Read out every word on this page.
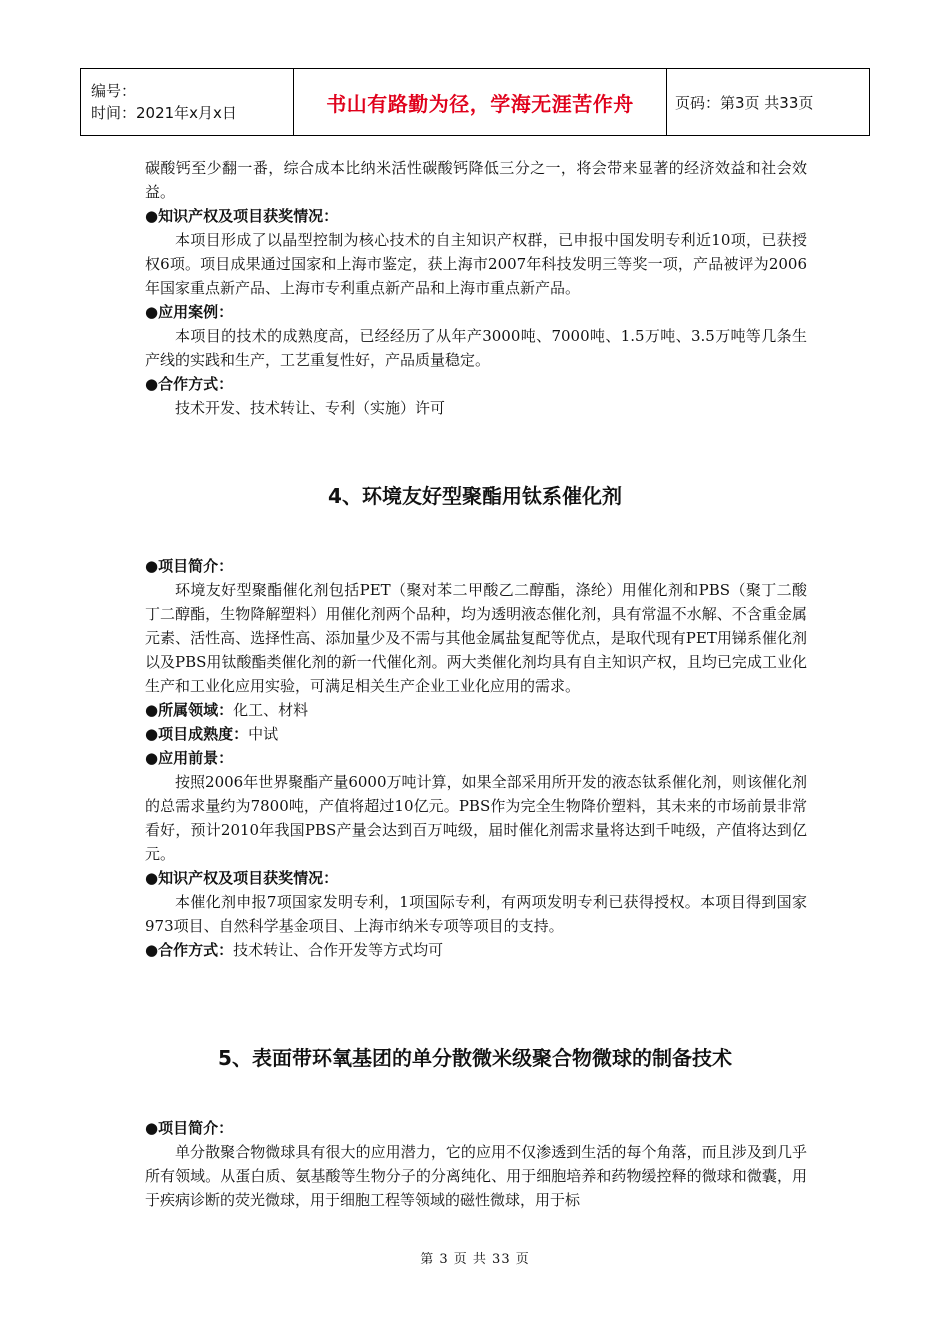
编号：
时间：2021年x月x日	书山有路勤为径，学海无涯苦作舟	页码：第3页 共33页

碳酸钙至少翻一番，综合成本比纳米活性碳酸钙降低三分之一，将会带来显著的经济效益和社会效益。

●知识产权及项目获奖情况：

本项目形成了以晶型控制为核心技术的自主知识产权群，已申报中国发明专利近10项，已获授权6项。项目成果通过国家和上海市鉴定，获上海市2007年科技发明三等奖一项，产品被评为2006年国家重点新产品、上海市专利重点新产品和上海市重点新产品。

●应用案例：

本项目的技术的成熟度高，已经经历了从年产3000吨、7000吨、1.5万吨、3.5万吨等几条生产线的实践和生产，工艺重复性好，产品质量稳定。

●合作方式：

技术开发、技术转让、专利（实施）许可

4、环境友好型聚酯用钛系催化剂

●项目简介：

环境友好型聚酯催化剂包括PET（聚对苯二甲酸乙二醇酯，涤纶）用催化剂和PBS（聚丁二酸丁二醇酯，生物降解塑料）用催化剂两个品种，均为透明液态催化剂，具有常温不水解、不含重金属元素、活性高、选择性高、添加量少及不需与其他金属盐复配等优点，是取代现有PET用锑系催化剂以及PBS用钛酸酯类催化剂的新一代催化剂。两大类催化剂均具有自主知识产权，且均已完成工业化生产和工业化应用实验，可满足相关生产企业工业化应用的需求。

●所属领域：化工、材料

●项目成熟度：中试

●应用前景：

按照2006年世界聚酯产量6000万吨计算，如果全部采用所开发的液态钛系催化剂，则该催化剂的总需求量约为7800吨，产值将超过10亿元。PBS作为完全生物降价塑料，其未来的市场前景非常看好，预计2010年我国PBS产量会达到百万吨级，届时催化剂需求量将达到千吨级，产值将达到亿元。

●知识产权及项目获奖情况：

本催化剂申报7项国家发明专利，1项国际专利，有两项发明专利已获得授权。本项目得到国家973项目、自然科学基金项目、上海市纳米专项等项目的支持。

●合作方式：技术转让、合作开发等方式均可

5、表面带环氧基团的单分散微米级聚合物微球的制备技术

●项目简介：

单分散聚合物微球具有很大的应用潜力，它的应用不仅渗透到生活的每个角落，而且涉及到几乎所有领域。从蛋白质、氨基酸等生物分子的分离纯化、用于细胞培养和药物缓控释的微球和微囊，用于疾病诊断的荧光微球，用于细胞工程等领域的磁性微球，用于标

第 3 页 共 33 页
